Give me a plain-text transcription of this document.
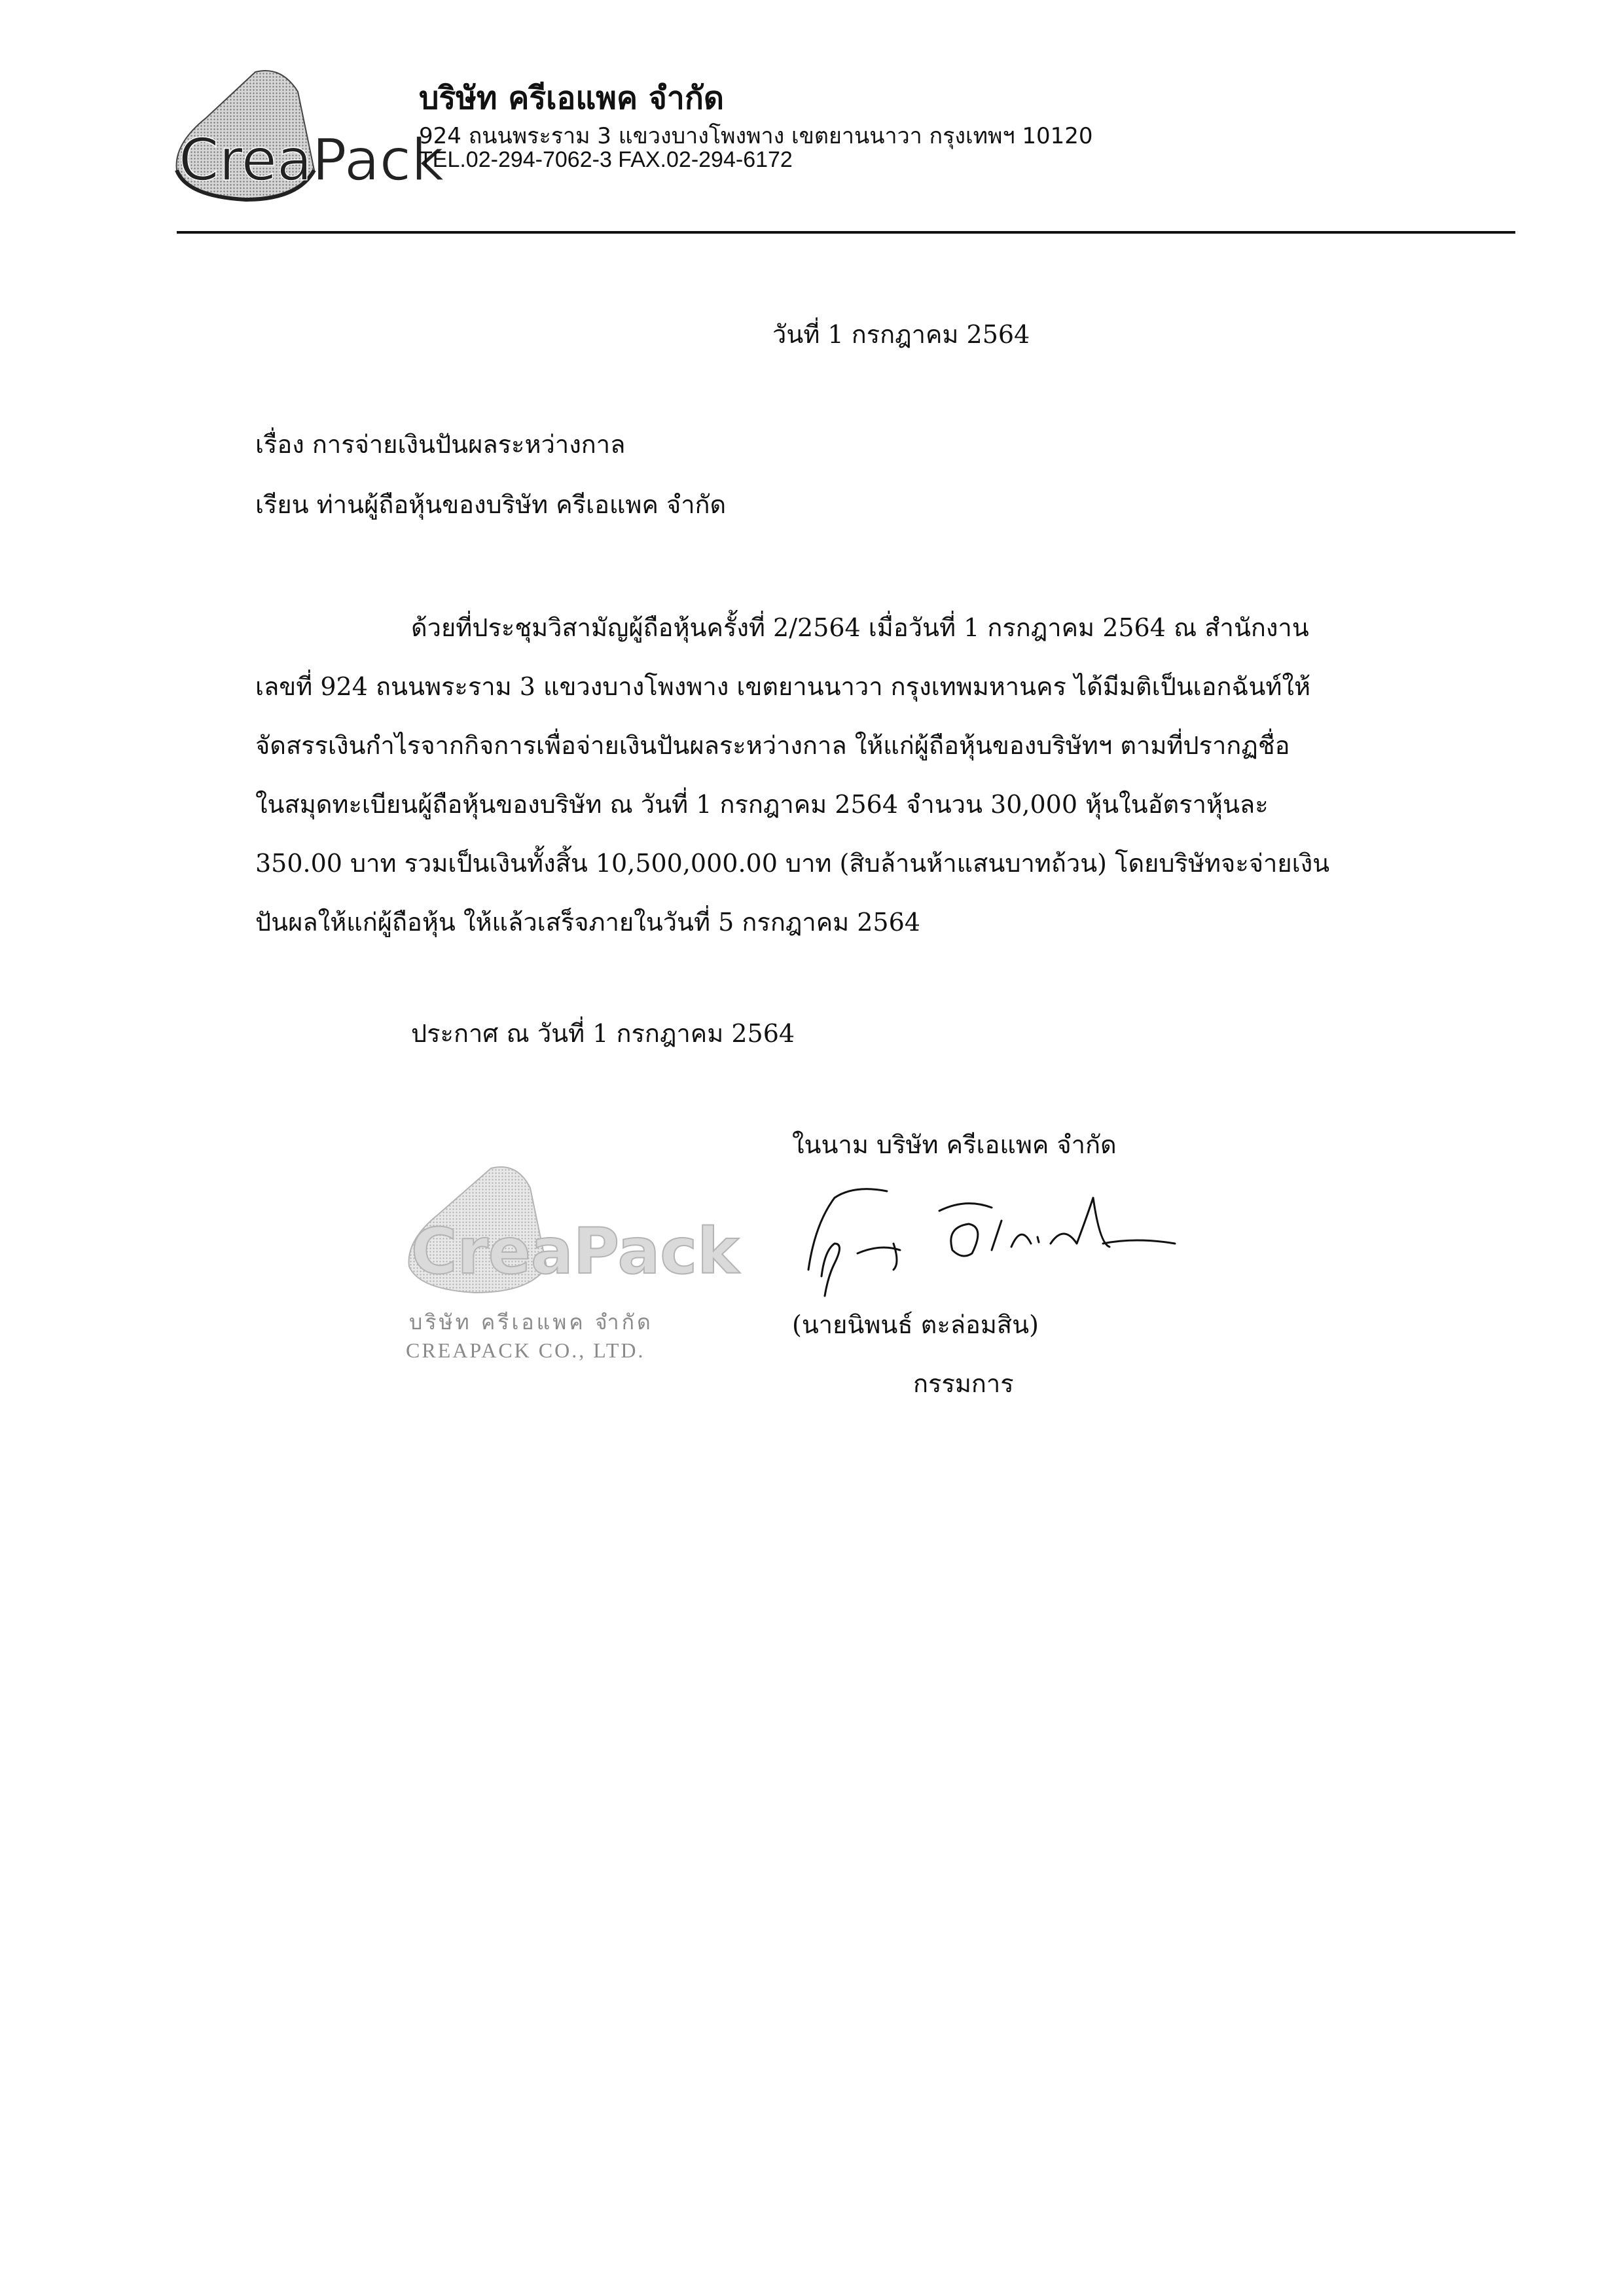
CreaPack
บริษัท ครีเอแพค จำกัด
924 ถนนพระราม 3 แขวงบางโพงพาง เขตยานนาวา กรุงเทพฯ 10120
TEL.02-294-7062-3 FAX.02-294-6172
วันที่ 1 กรกฎาคม 2564
เรื่อง การจ่ายเงินปันผลระหว่างกาล
เรียน ท่านผู้ถือหุ้นของบริษัท ครีเอแพค จำกัด
ด้วยที่ประชุมวิสามัญผู้ถือหุ้นครั้งที่ 2/2564 เมื่อวันที่ 1 กรกฎาคม 2564 ณ สำนักงาน
เลขที่ 924 ถนนพระราม 3 แขวงบางโพงพาง เขตยานนาวา กรุงเทพมหานคร ได้มีมติเป็นเอกฉันท์ให้
จัดสรรเงินกำไรจากกิจการเพื่อจ่ายเงินปันผลระหว่างกาล ให้แก่ผู้ถือหุ้นของบริษัทฯ ตามที่ปรากฏชื่อ
ในสมุดทะเบียนผู้ถือหุ้นของบริษัท ณ วันที่ 1 กรกฎาคม 2564 จำนวน 30,000 หุ้นในอัตราหุ้นละ
350.00 บาท รวมเป็นเงินทั้งสิ้น 10,500,000.00 บาท (สิบล้านห้าแสนบาทถ้วน) โดยบริษัทจะจ่ายเงิน
ปันผลให้แก่ผู้ถือหุ้น ให้แล้วเสร็จภายในวันที่ 5 กรกฎาคม 2564
ประกาศ ณ วันที่ 1 กรกฎาคม 2564
ในนาม บริษัท ครีเอแพค จำกัด
CreaPack
บริษัท ครีเอแพค จำกัด
CREAPACK CO., LTD.
(นายนิพนธ์ ตะล่อมสิน)
กรรมการ
